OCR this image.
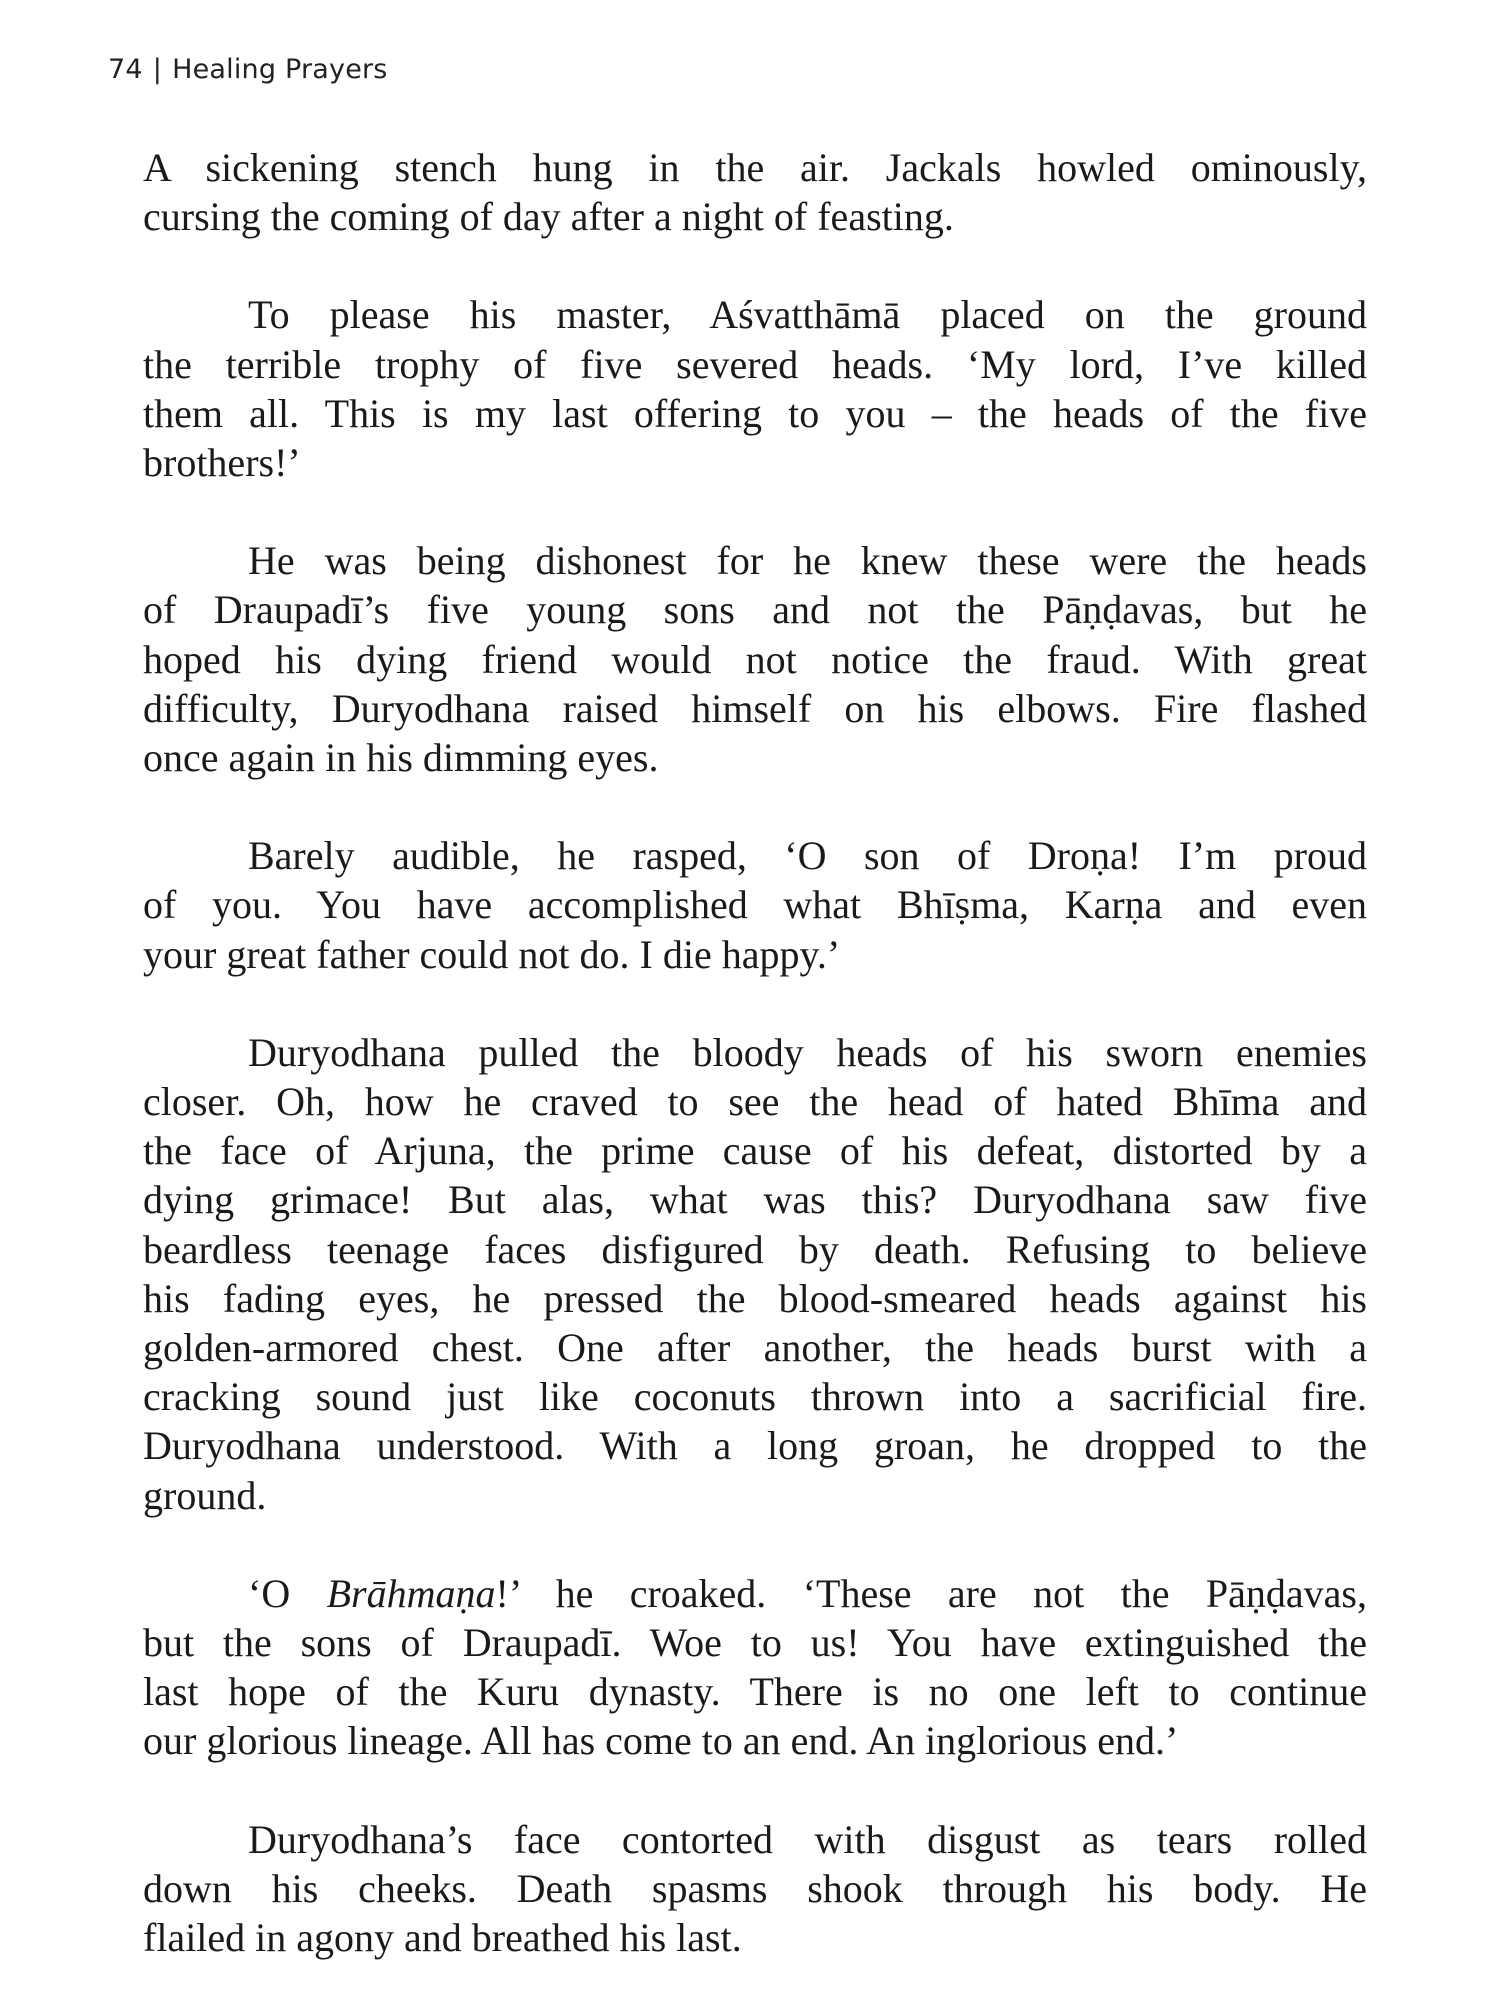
74 | Healing Prayers

A sickening stench hung in the air. Jackals howled ominously,
cursing the coming of day after a night of feasting.

To please his master, Aśvatthāmā placed on the ground
the terrible trophy of five severed heads. ‘My lord, I’ve killed
them all. This is my last offering to you – the heads of the five
brothers!’

He was being dishonest for he knew these were the heads
of Draupadī’s five young sons and not the Pāṇḍavas, but he
hoped his dying friend would not notice the fraud. With great
difficulty, Duryodhana raised himself on his elbows. Fire flashed
once again in his dimming eyes.

Barely audible, he rasped, ‘O son of Droṇa! I’m proud
of you. You have accomplished what Bhīṣma, Karṇa and even
your great father could not do. I die happy.’

Duryodhana pulled the bloody heads of his sworn enemies
closer. Oh, how he craved to see the head of hated Bhīma and
the face of Arjuna, the prime cause of his defeat, distorted by a
dying grimace! But alas, what was this? Duryodhana saw five
beardless teenage faces disfigured by death. Refusing to believe
his fading eyes, he pressed the blood-smeared heads against his
golden-armored chest. One after another, the heads burst with a
cracking sound just like coconuts thrown into a sacrificial fire.
Duryodhana understood. With a long groan, he dropped to the
ground.

‘O Brāhmaṇa!’ he croaked. ‘These are not the Pāṇḍavas,
but the sons of Draupadī. Woe to us! You have extinguished the
last hope of the Kuru dynasty. There is no one left to continue
our glorious lineage. All has come to an end. An inglorious end.’

Duryodhana’s face contorted with disgust as tears rolled
down his cheeks. Death spasms shook through his body. He
flailed in agony and breathed his last.
